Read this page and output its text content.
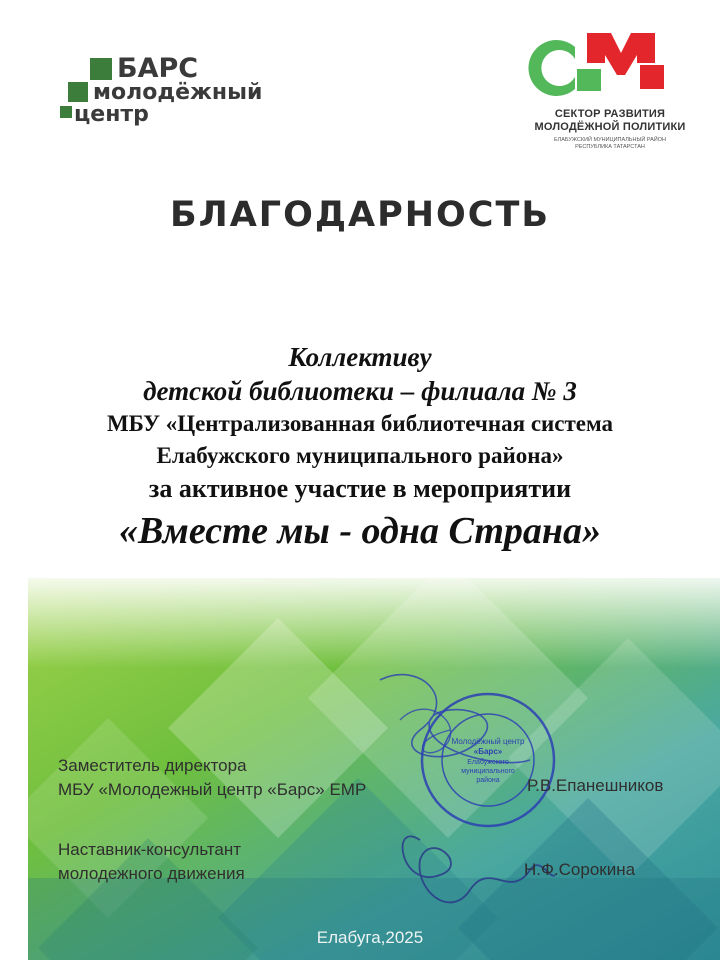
БАРС
молодёжный
центр	СЕКТОР РАЗВИТИЯ
МОЛОДЁЖНОЙ ПОЛИТИКИ
ЕЛАБУЖСКИЙ МУНИЦИПАЛЬНЫЙ РАЙОН
РЕСПУБЛИКА ТАТАРСТАН
БЛАГОДАРНОСТЬ
Коллективу
детской библиотеки – филиала № 3
МБУ «Централизованная библиотечная система
Елабужского муниципального района»
за активное участие в мероприятии
«Вместе мы - одна Страна»
Молодёжный центр
«Барс»
Елабужского
муниципального
района
Заместитель директора
МБУ «Молодежный центр «Барс» ЕМР	Р.В.Епанешников
Наставник-консультант
молодежного движения	Н.Ф.Сорокина
Елабуга,2025
